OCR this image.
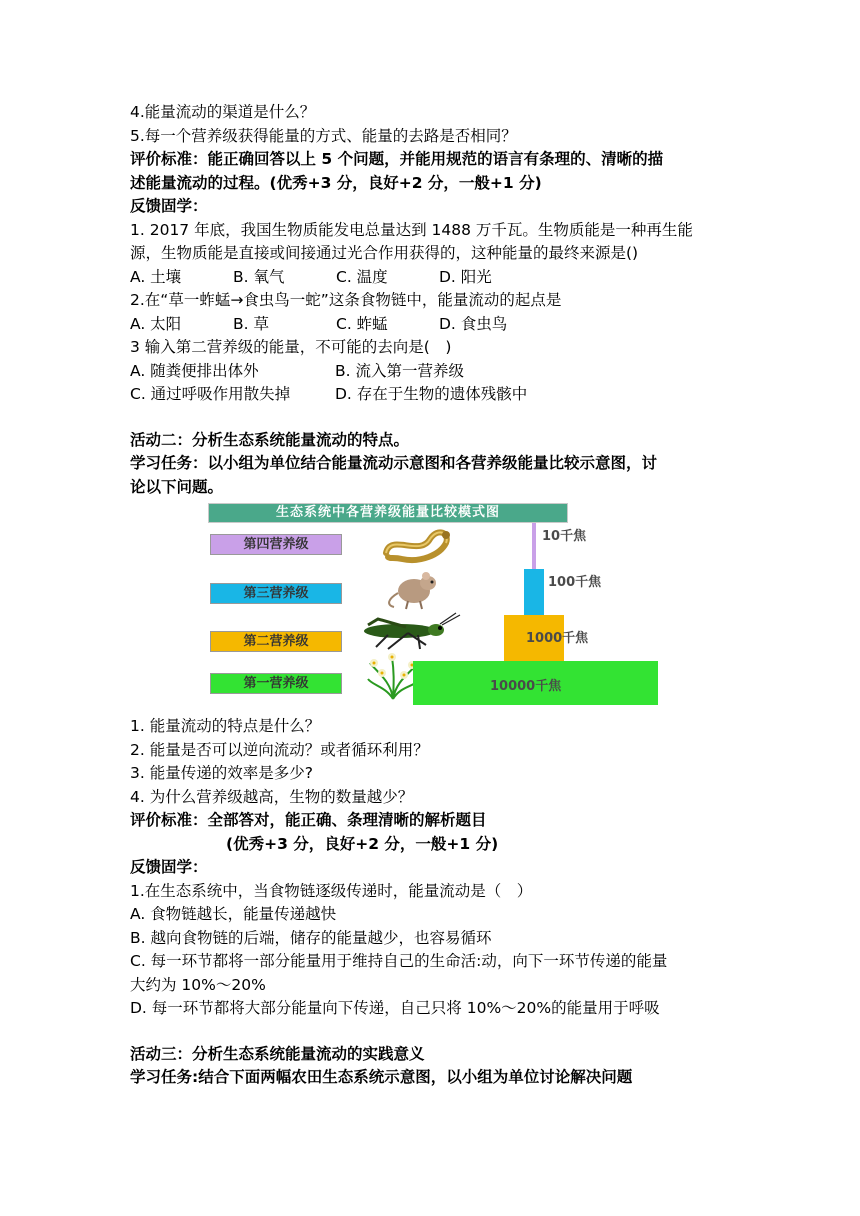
4.能量流动的渠道是什么？
5.每一个营养级获得能量的方式、能量的去路是否相同？
评价标准：能正确回答以上 5 个问题，并能用规范的语言有条理的、清晰的描
述能量流动的过程。(优秀+3 分，良好+2 分，一般+1 分)
反馈固学：
1. 2017 年底，我国生物质能发电总量达到 1488 万千瓦。生物质能是一种再生能
源，生物质能是直接或间接通过光合作用获得的，这种能量的最终来源是()
A. 土壤	B. 氧气	C. 温度	D. 阳光
2.在“草一蚱蜢→食虫鸟一蛇”这条食物链中，能量流动的起点是
A. 太阳	B. 草	C. 蚱蜢	D. 食虫鸟
3 输入第二营养级的能量，不可能的去向是(　)
A. 随粪便排出体外	B. 流入第一营养级
C. 通过呼吸作用散失掉	D. 存在于生物的遗体残骸中
活动二：分析生态系统能量流动的特点。
学习任务：以小组为单位结合能量流动示意图和各营养级能量比较示意图，讨
论以下问题。
生态系统中各营养级能量比较模式图
第四营养级
第三营养级
第二营养级
第一营养级
10千焦
100千焦
1000千焦
10000千焦
1. 能量流动的特点是什么？
2. 能量是否可以逆向流动？或者循环利用？
3. 能量传递的效率是多少?
4. 为什么营养级越高，生物的数量越少？
评价标准：全部答对，能正确、条理清晰的解析题目
(优秀+3 分，良好+2 分，一般+1 分)
反馈固学：
1.在生态系统中，当食物链逐级传递时，能量流动是（　）
A. 食物链越长，能量传递越快
B. 越向食物链的后端，储存的能量越少，也容易循环
C. 每一环节都将一部分能量用于维持自己的生命活:动，向下一环节传递的能量
大约为 10%～20%
D. 每一环节都将大部分能量向下传递，自己只将 10%～20%的能量用于呼吸
活动三：分析生态系统能量流动的实践意义
学习任务:结合下面两幅农田生态系统示意图，以小组为单位讨论解决问题
